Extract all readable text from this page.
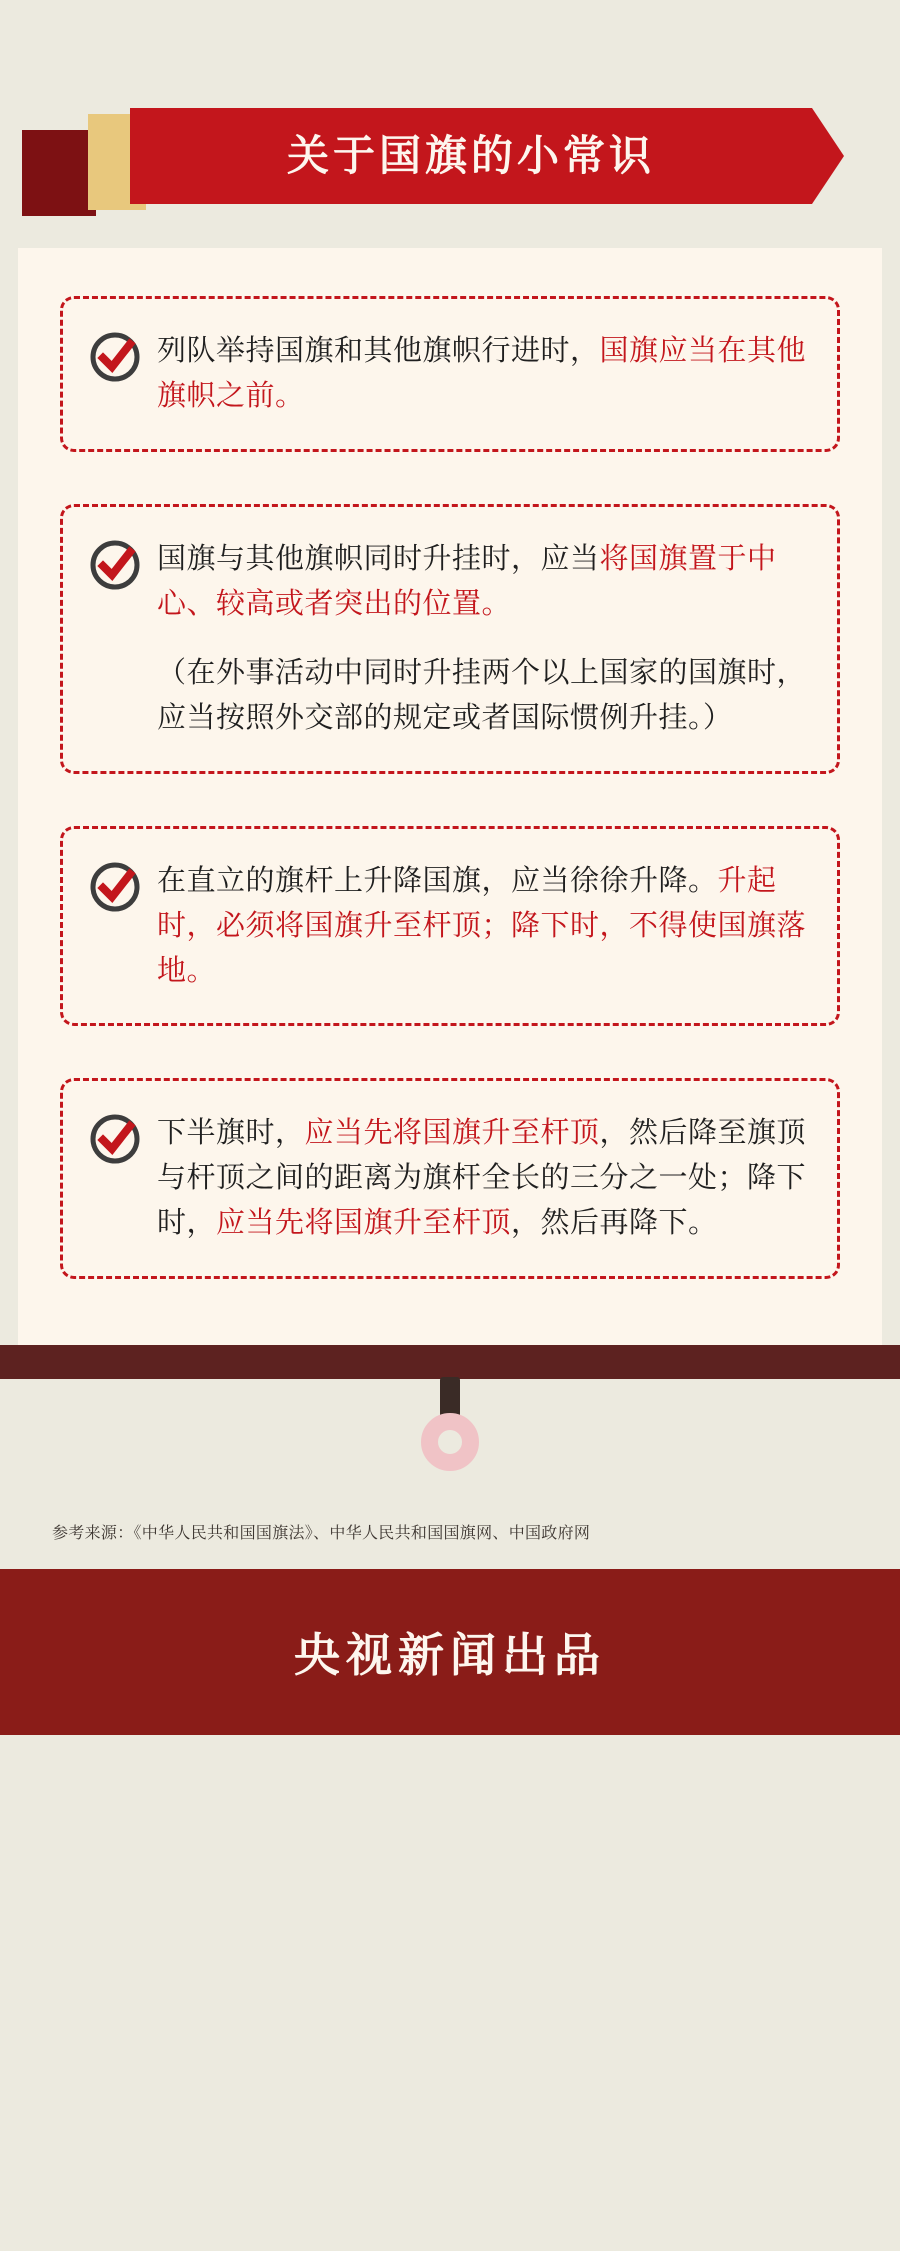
关于国旗的小常识

列队举持国旗和其他旗帜行进时，国旗应当在其他旗帜之前。

国旗与其他旗帜同时升挂时，应当将国旗置于中心、较高或者突出的位置。

（在外事活动中同时升挂两个以上国家的国旗时，应当按照外交部的规定或者国际惯例升挂。）

在直立的旗杆上升降国旗，应当徐徐升降。升起时，必须将国旗升至杆顶；降下时，不得使国旗落地。

下半旗时，应当先将国旗升至杆顶，然后降至旗顶与杆顶之间的距离为旗杆全长的三分之一处；降下时，应当先将国旗升至杆顶，然后再降下。

参考来源：《中华人民共和国国旗法》、中华人民共和国国旗网、中国政府网
央视新闻出品
